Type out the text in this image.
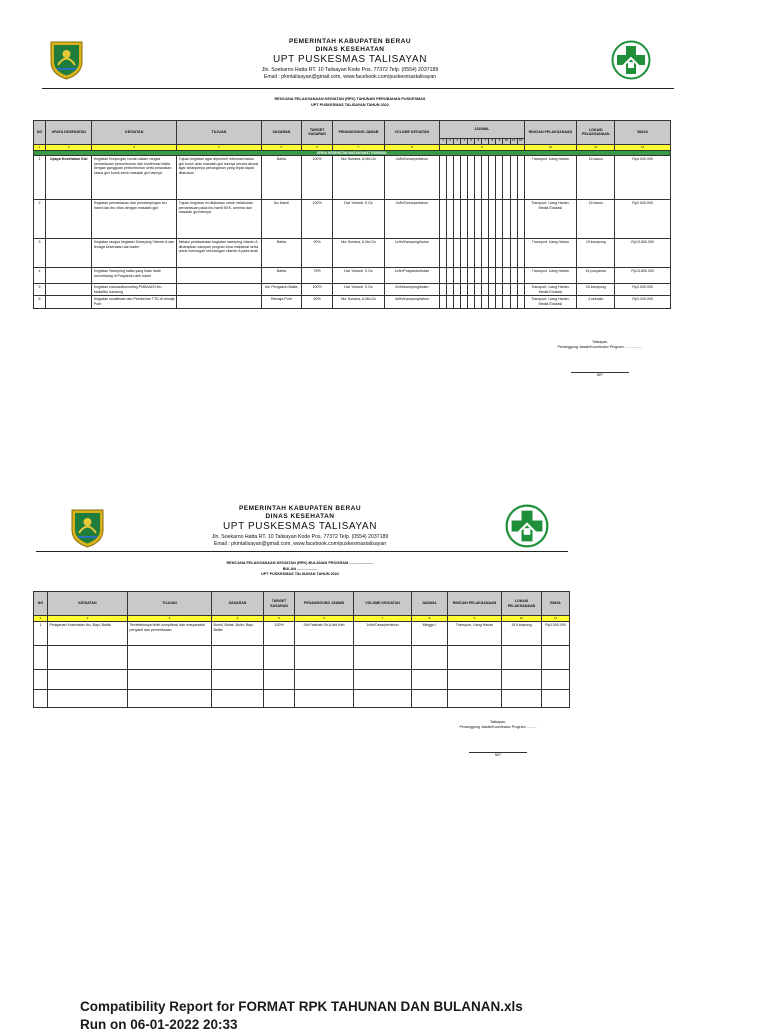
PEMERINTAH KABUPATEN BERAU
DINAS KESEHATAN
UPT PUSKESMAS TALISAYAN
Jln. Soekarno Hatta RT. 10 Talisayan Kode Pos. 77372 Telp. (0554) 2037189
Email : pkmtalisayan@gmail.com, www.facebook.com/puskesmastalisayan
RENCANA PELAKSANAAN KEGIATAN (RPK) TAHUNAN PERUBAHAN PUSKESMAS
UPT PUSKESMAS TALISAYAN TAHUN 2022
NO	UPAYA KESEHATAN	KEGIATAN	TUJUAN	SASARAN	TARGET SASARAN	PENANGGUNG JAWAB	VOLUME KEGIATAN	JADWAL												RINCIAN PELAKSANAAN	LOKASI PELAKSANAAN	BIAYA
								1	2	3	4	5	6	7	8	9	10	11	12			
1	2	3	4	5	6	7	8	9												10	11	12
UPAYA KESEHATAN MASYARAKAT ESENSIAL																						
1	Upaya Kesehatan Gizi	Kegiatan Kunjungan rumah dalam rangka pemantauan pertumbuhan dan konfirmasi balita dengan gangguan pertumbuhan serta pelacakan kasus gizi buruk serta masalah gizi lainnya	Tujuan kegiatan agar diperoleh informasi kasus gizi buruk atau masalah gizi lainnya secara akurat agar selanjutnya penanganan yang tepat dapat dilakukan	Balita	100%	Nur Suriana, A.Md.Gz	2x/th/Desa/pertahun													Transport, Uang Harian	15 kasus	Rp4.000.000
2		Kegiatan pemantauan dan pendampingan ibu hamil dan ibu nifas dengan masalah gizi	Tujuan kegiatan ini dilakukan untuk melakukan pemantauan pada ibu hamil KEK, anemia dan masalah gizi lainnya	Ibu Hamil	100%	Dwi Yulianti, S.Gz	2x/th/Desa/pertahun													Transport, Uang Harian, Media Edukasi	15 kasus	Rp2.000.000
3		Kegiatan rangka kegiatan Sweeping Vitamin A dan tenaga kesehatan dan kader	Melalui pelaksanaan kegiatan sweeping vitamin A diharapkan cakupan program bisa maksimal serta untuk mencegah kekurangan vitamin A pada anak	Balita	90%	Nur Suriana, A.Md.Gz	1x/th/Kampung/bulan													Transport, Uang Harian	15 kampung	Rp13.800.000
4		Kegiatan Sweeping balita yang tidak hadir menimbang di Posyandu oleh kader		Balita	75%	Dwi Yulianti, S.Gz	1x/th/Posyandu/bulan													Transport, Uang Harian	15 posyandu	Rp13.800.000
5		Kegiatan edukasi/konseling PMBA/ASI ibu balita/ibu kandung		Ibu Pengasuh Balita	100%	Dwi Yulianti, S.Gz	2x/th/kampung/bulan													Transport, Uang Harian, Media Edukasi	15 kampung	Rp2.000.000
6		Kegiatan sosialisasi dan Pemberian TTD di remaja Putri		Remaja Putri	60%	Nur Suriana, A.Md.Gz	4x/th/Kampung/tahun													Transport, Uang Harian, Media Edukasi	4 sekolah	Rp3.200.000
Talisayan,
Penanggung Jawab/Koordinator Program ..................
NIP.
PEMERINTAH KABUPATEN BERAU
DINAS KESEHATAN
UPT PUSKESMAS TALISAYAN
Jln. Soekarno Hatta RT. 10 Talisayan Kode Pos. 77372 Telp. (0554) 2037189
Email : pkmtalisayan@gmail.com, www.facebook.com/puskesmastalisayan
RENCANA PELAKSANAAN KEGIATAN (RPK) BULANAN PROGRAM .......................
BULAN ...................
UPT PUSKESMAS TALISAYAN TAHUN 2022
NO	KEGIATAN	TUJUAN	SASARAN	TARGET SASARAN	PENANGGUNG JAWAB	VOLUME KEGIATAN	JADWAL	RINCIAN PELAKSANAAN	LOKASI PELAKSANAAN	BIAYA
1	2	3	4	5	6	7	8	9	10	11
1	Pelayanan Kesehatan Ibu, Bayi, Balita	Terdeteksinya lebih komplikasi dan masyarakat penyakit dan pemeriksaan	Bumil, Bufas, Bulin, Bayi, Balita	100%	Siti Fatimah Sh A.Md.Keb	1x/th/Desa/pertahun	Minggu I	Transport, Uang Harian	15 Kampung	Rp3.000.000

Talisayan,
Penanggung Jawab/Koordinator Program ..........
NIP.
Compatibility Report for FORMAT RPK TAHUNAN DAN BULANAN.xls
Run on 06-01-2022 20:33
